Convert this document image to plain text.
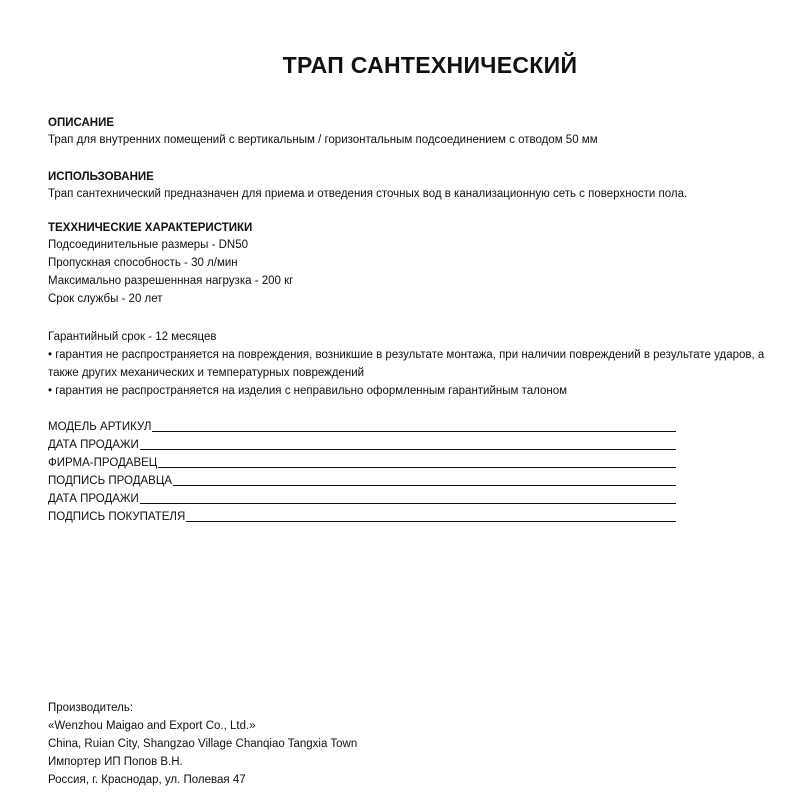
ТРАП САНТЕХНИЧЕСКИЙ

ОПИСАНИЕ

Трап для внутренних помещений с вертикальным / горизонтальным подсоединением с отводом 50 мм

ИСПОЛЬЗОВАНИЕ

Трап сантехнический предназначен для приема и отведения сточных вод в канализационную сеть с поверхности пола.

ТЕХХНИЧЕСКИЕ ХАРАКТЕРИСТИКИ

Подсоединительные размеры - DN50

Пропускная способность - 30 л/мин

Максимально разрешеннная нагрузка - 200 кг

Срок службы - 20 лет

Гарантийный срок - 12 месяцев

• гарантия не распространяется на повреждения, возникшие в результате монтажа, при наличии повреждений в результате ударов, а также других механических и температурных повреждений

• гарантия не распространяется на изделия с неправильно оформленным гарантийным талоном

МОДЕЛЬ АРТИКУЛ
ДАТА ПРОДАЖИ
ФИРМА-ПРОДАВЕЦ
ПОДПИСЬ ПРОДАВЦА
ДАТА ПРОДАЖИ
ПОДПИСЬ ПОКУПАТЕЛЯ

Производитель:

«Wenzhou Maigao and Export Co., Ltd.»

China, Ruian City, Shangzao Village Chanqiao Tangxia Town

Импортер ИП Попов В.Н.

Россия, г. Краснодар, ул. Полевая 47
